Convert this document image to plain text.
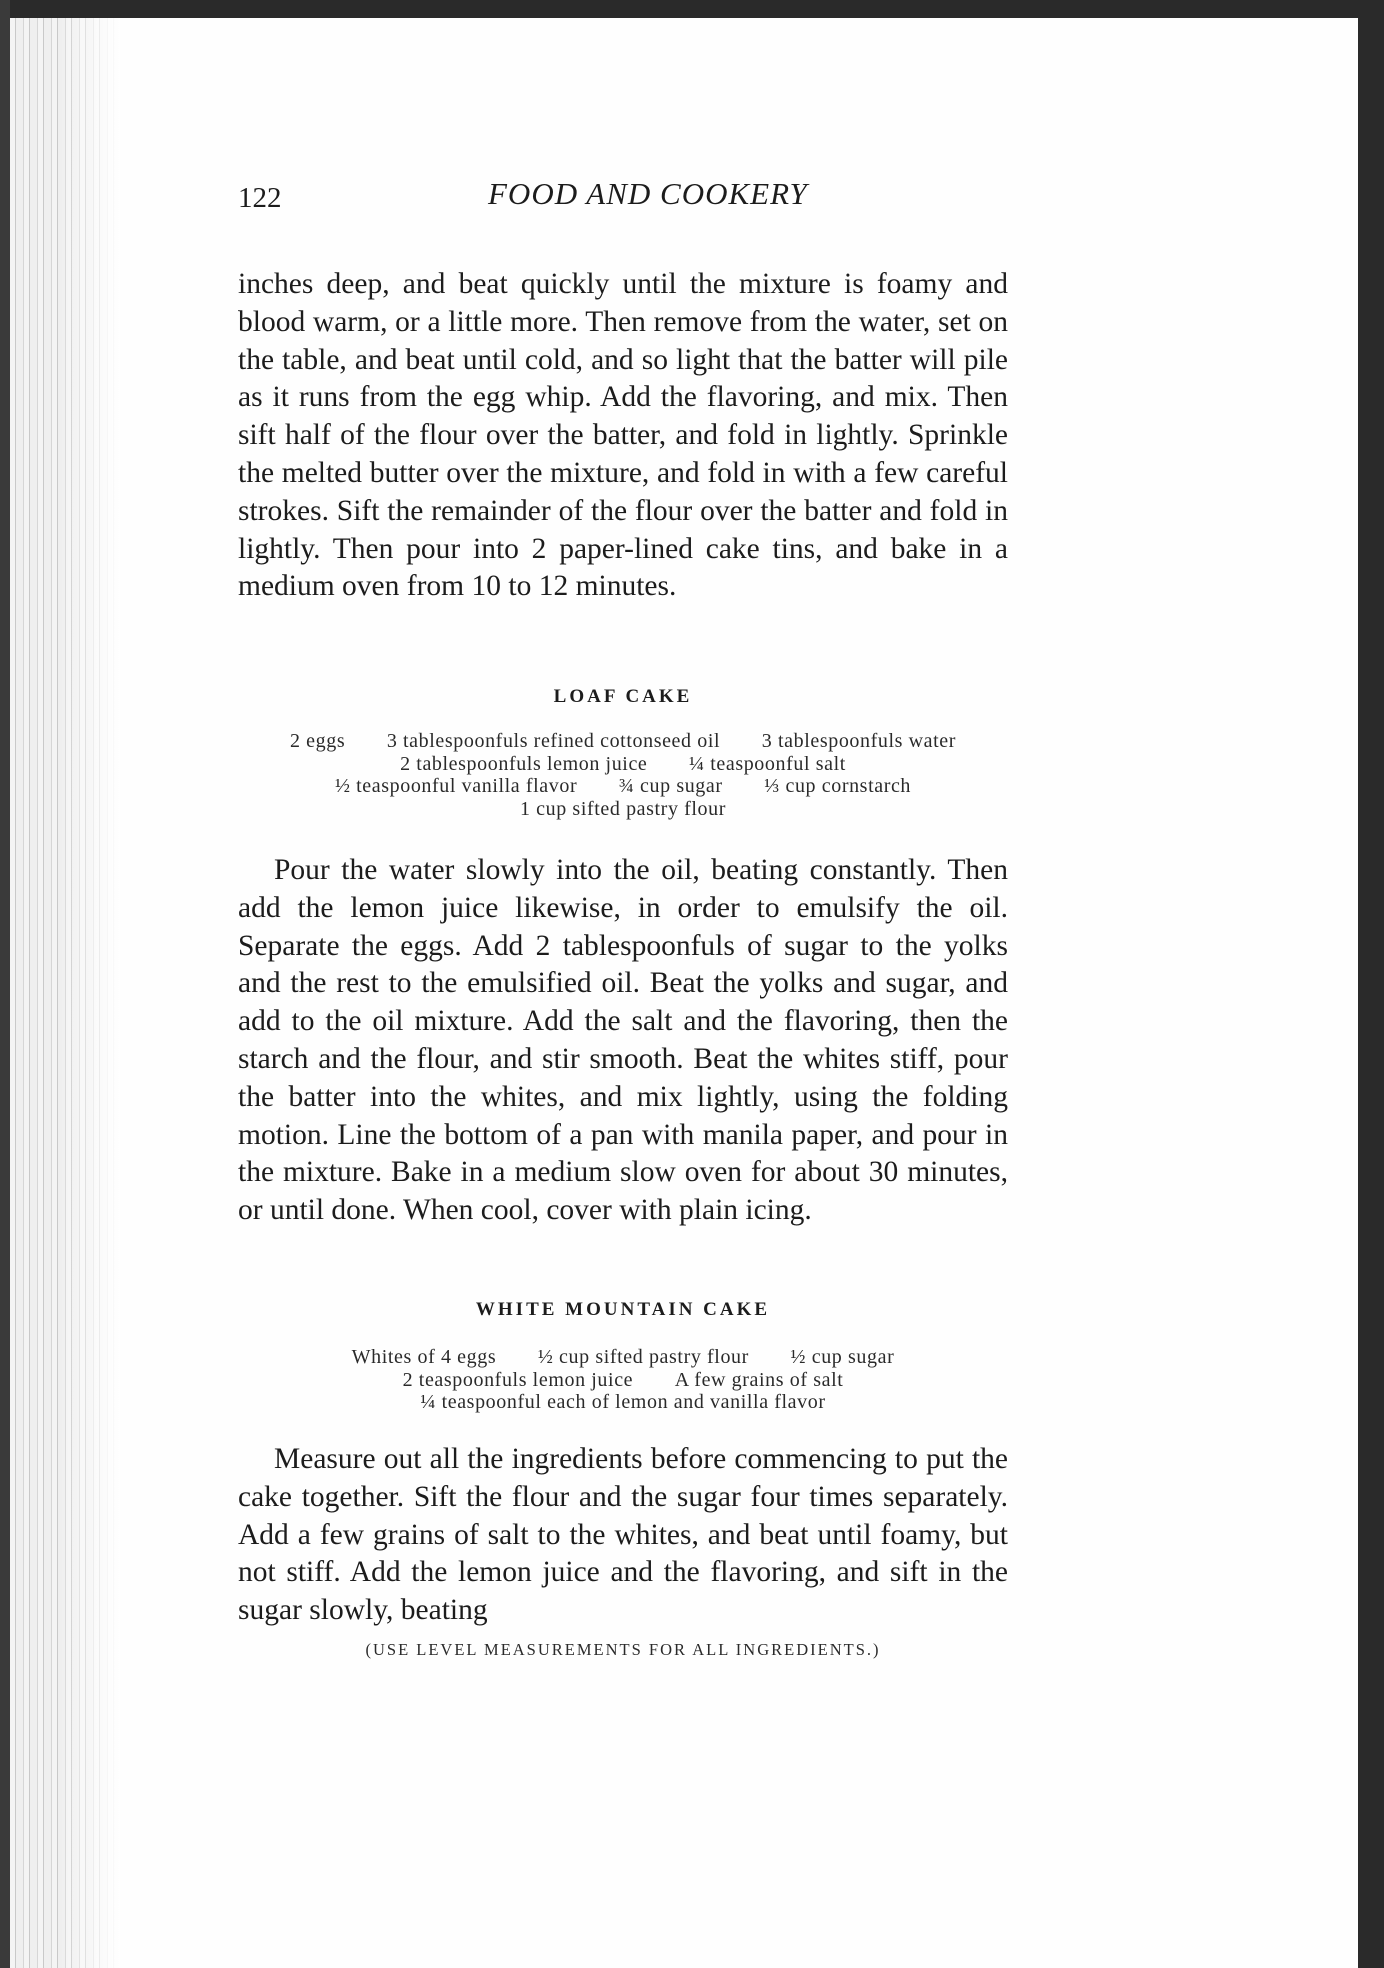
122	FOOD AND COOKERY

inches deep, and beat quickly until the mixture is foamy and blood warm, or a little more. Then remove from the water, set on the table, and beat until cold, and so light that the batter will pile as it runs from the egg whip. Add the flavoring, and mix. Then sift half of the flour over the batter, and fold in lightly. Sprinkle the melted butter over the mixture, and fold in with a few careful strokes. Sift the remainder of the flour over the batter and fold in lightly. Then pour into 2 paper-lined cake tins, and bake in a medium oven from 10 to 12 minutes.

LOAF CAKE
2 eggs 3 tablespoonfuls refined cottonseed oil 3 tablespoonfuls water
2 tablespoonfuls lemon juice ¼ teaspoonful salt
½ teaspoonful vanilla flavor ¾ cup sugar ⅓ cup cornstarch
1 cup sifted pastry flour

Pour the water slowly into the oil, beating constantly. Then add the lemon juice likewise, in order to emulsify the oil. Separate the eggs. Add 2 tablespoonfuls of sugar to the yolks and the rest to the emulsified oil. Beat the yolks and sugar, and add to the oil mixture. Add the salt and the flavoring, then the starch and the flour, and stir smooth. Beat the whites stiff, pour the batter into the whites, and mix lightly, using the folding motion. Line the bottom of a pan with manila paper, and pour in the mixture. Bake in a medium slow oven for about 30 minutes, or until done. When cool, cover with plain icing.

WHITE MOUNTAIN CAKE
Whites of 4 eggs ½ cup sifted pastry flour ½ cup sugar
2 teaspoonfuls lemon juice A few grains of salt
¼ teaspoonful each of lemon and vanilla flavor

Measure out all the ingredients before commencing to put the cake together. Sift the flour and the sugar four times separately. Add a few grains of salt to the whites, and beat until foamy, but not stiff. Add the lemon juice and the flavoring, and sift in the sugar slowly, beating

(USE LEVEL MEASUREMENTS FOR ALL INGREDIENTS.)
